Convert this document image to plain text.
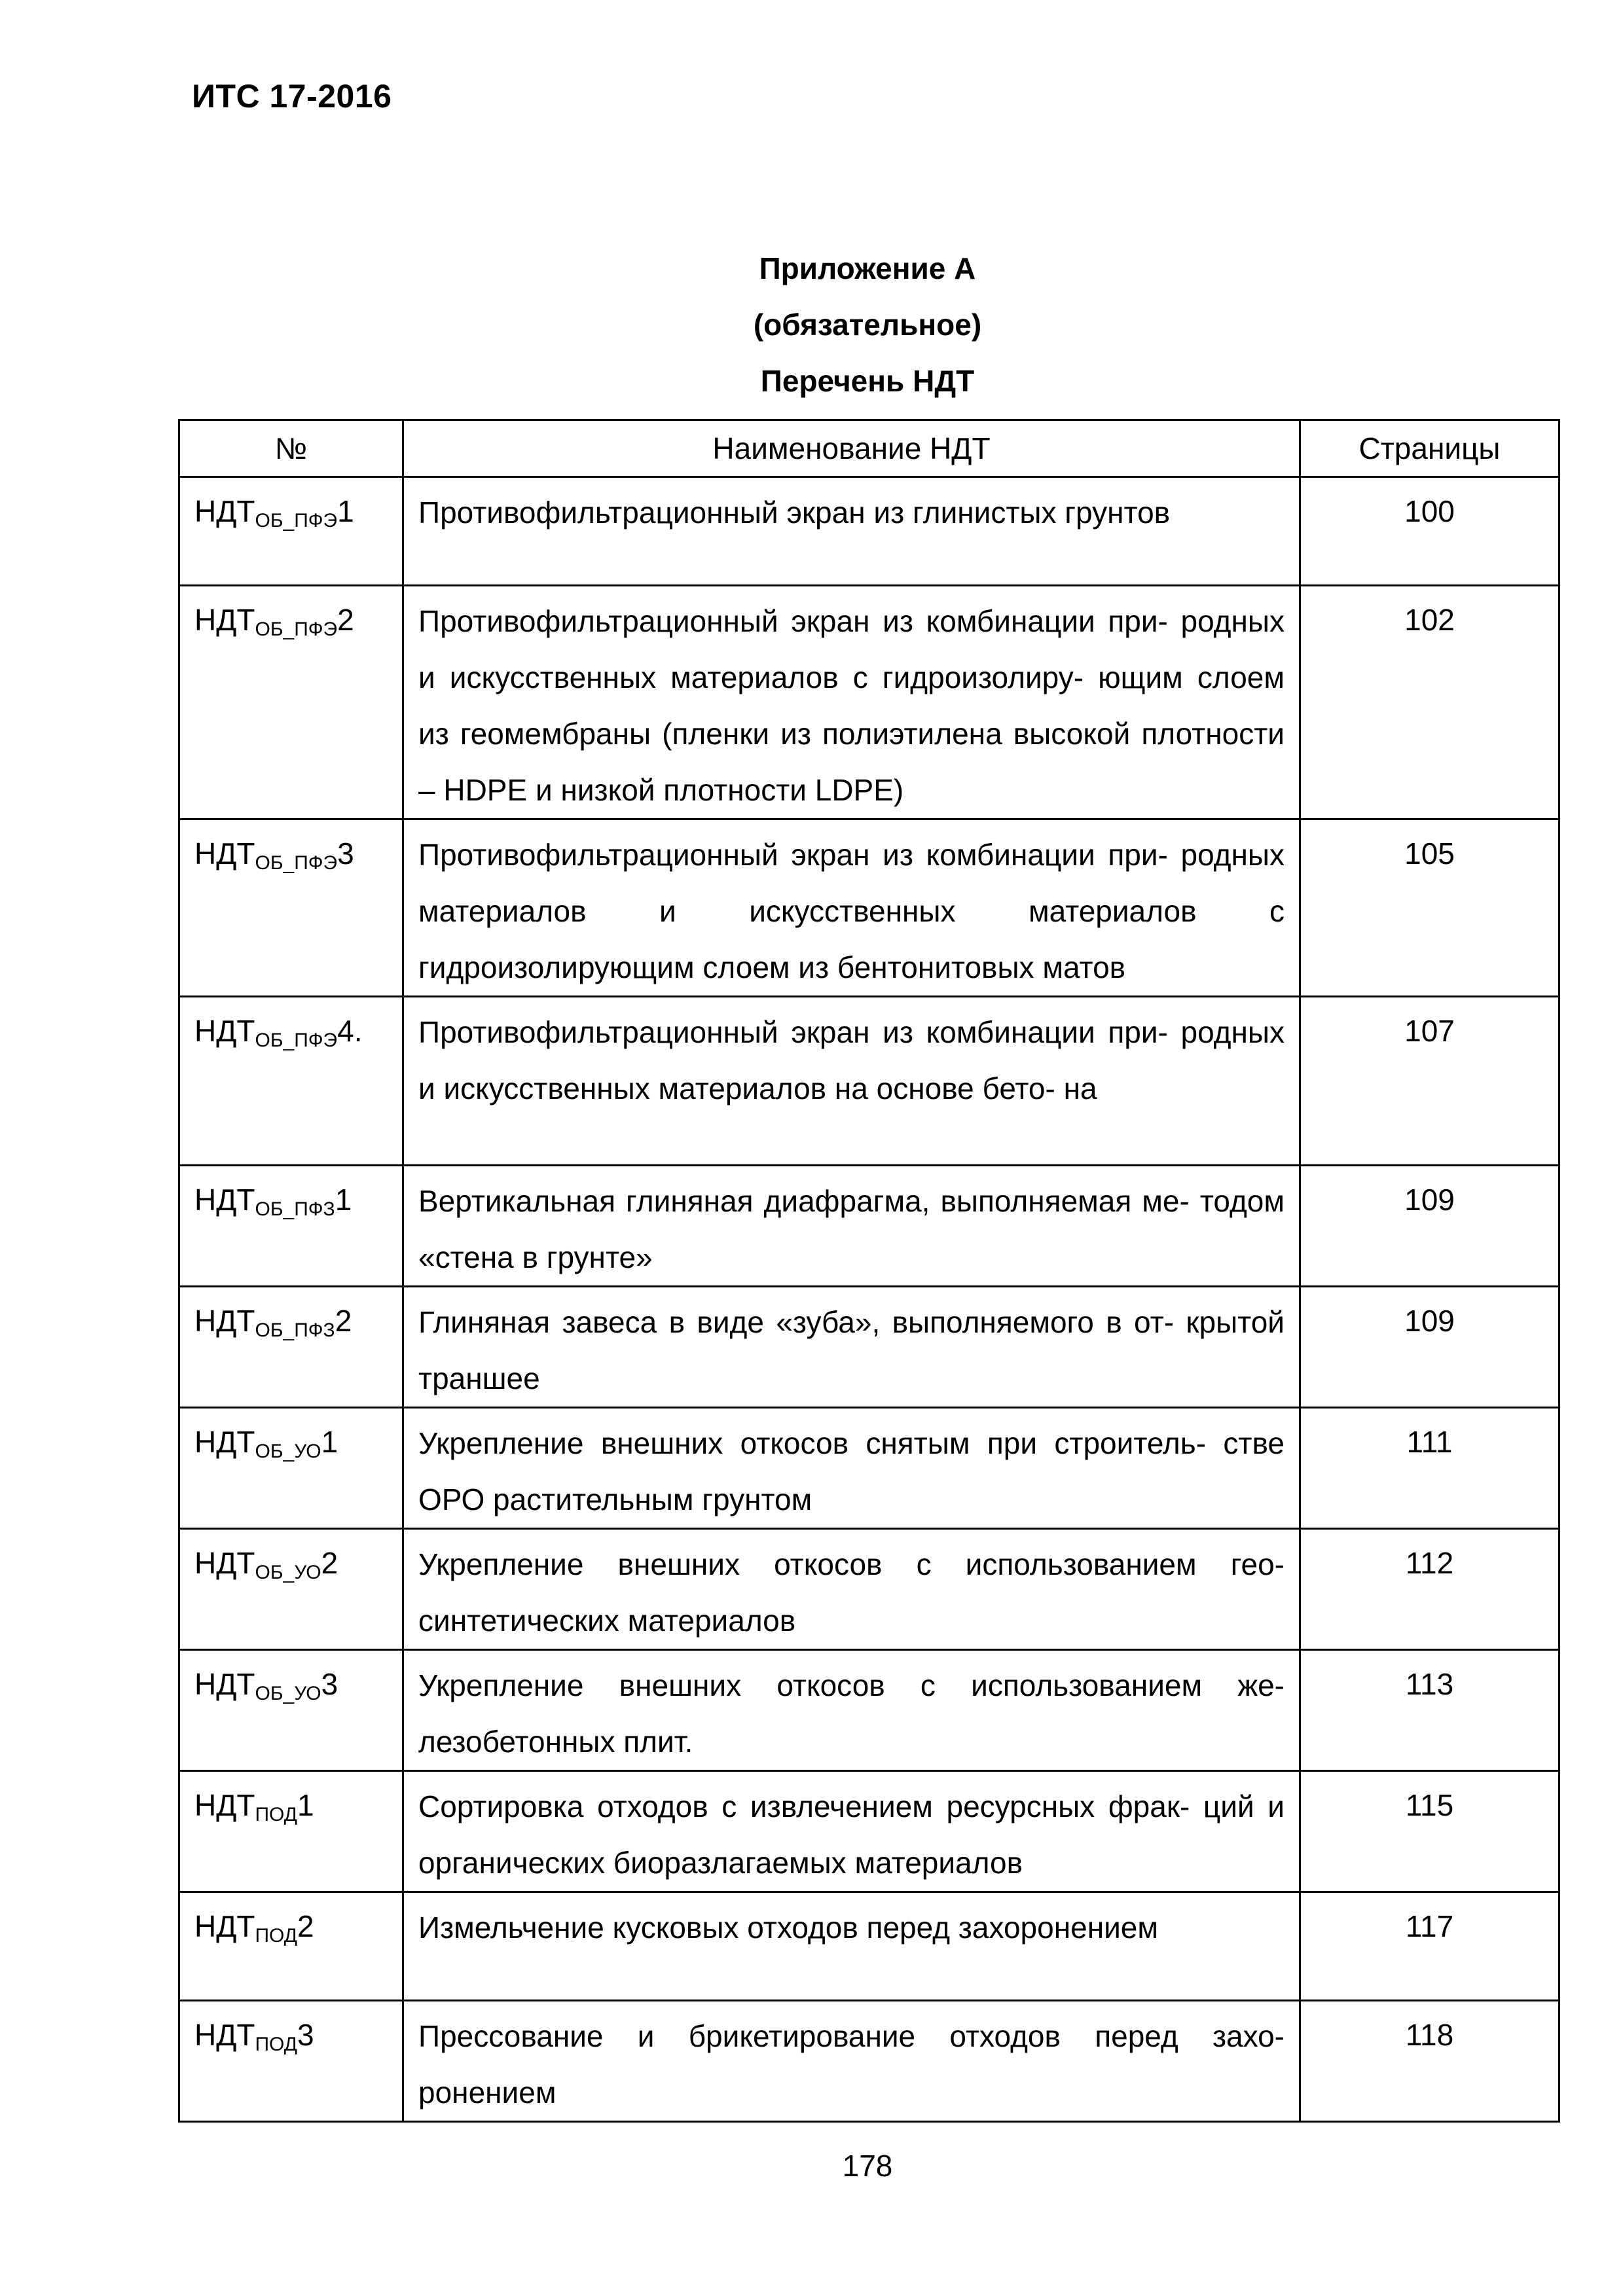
ИТС 17-2016
Приложение А
(обязательное)
Перечень НДТ
№	Наименование НДТ	Страницы
$НДТ_{ОБ\_ПФЭ}1$	Противофильтрационный экран из глинистых грунтов	100
$НДТ_{ОБ\_ПФЭ}2$	Противофильтрационный экран из комбинации при- родных и искусственных материалов с гидроизолиру- ющим слоем из геомембраны (пленки из полиэтилена высокой плотности – HDPE и низкой плотности LDPE)	102
$НДТ_{ОБ\_ПФЭ}3$	Противофильтрационный экран из комбинации при- родных материалов и искусственных материалов с гидроизолирующим слоем из бентонитовых матов	105
$НДТ_{ОБ\_ПФЭ}4$.	Противофильтрационный экран из комбинации при- родных и искусственных материалов на основе бето- на	107
$НДТ_{ОБ\_ПФЗ}1$	Вертикальная глиняная диафрагма, выполняемая ме- тодом «стена в грунте»	109
$НДТ_{ОБ\_ПФЗ}2$	Глиняная завеса в виде «зуба», выполняемого в от- крытой траншее	109
$НДТ_{ОБ\_УО}1$	Укрепление внешних откосов снятым при строитель- стве ОРО растительным грунтом	111
$НДТ_{ОБ\_УО}2$	Укрепление внешних откосов с использованием гео- синтетических материалов	112
$НДТ_{ОБ\_УО}3$	Укрепление внешних откосов с использованием же- лезобетонных плит.	113
$НДТ_{ПОД}1$	Сортировка отходов с извлечением ресурсных фрак- ций и органических биоразлагаемых материалов	115
$НДТ_{ПОД}2$	Измельчение кусковых отходов перед захоронением	117
$НДТ_{ПОД}3$	Прессование и брикетирование отходов перед захо- ронением	118
178
